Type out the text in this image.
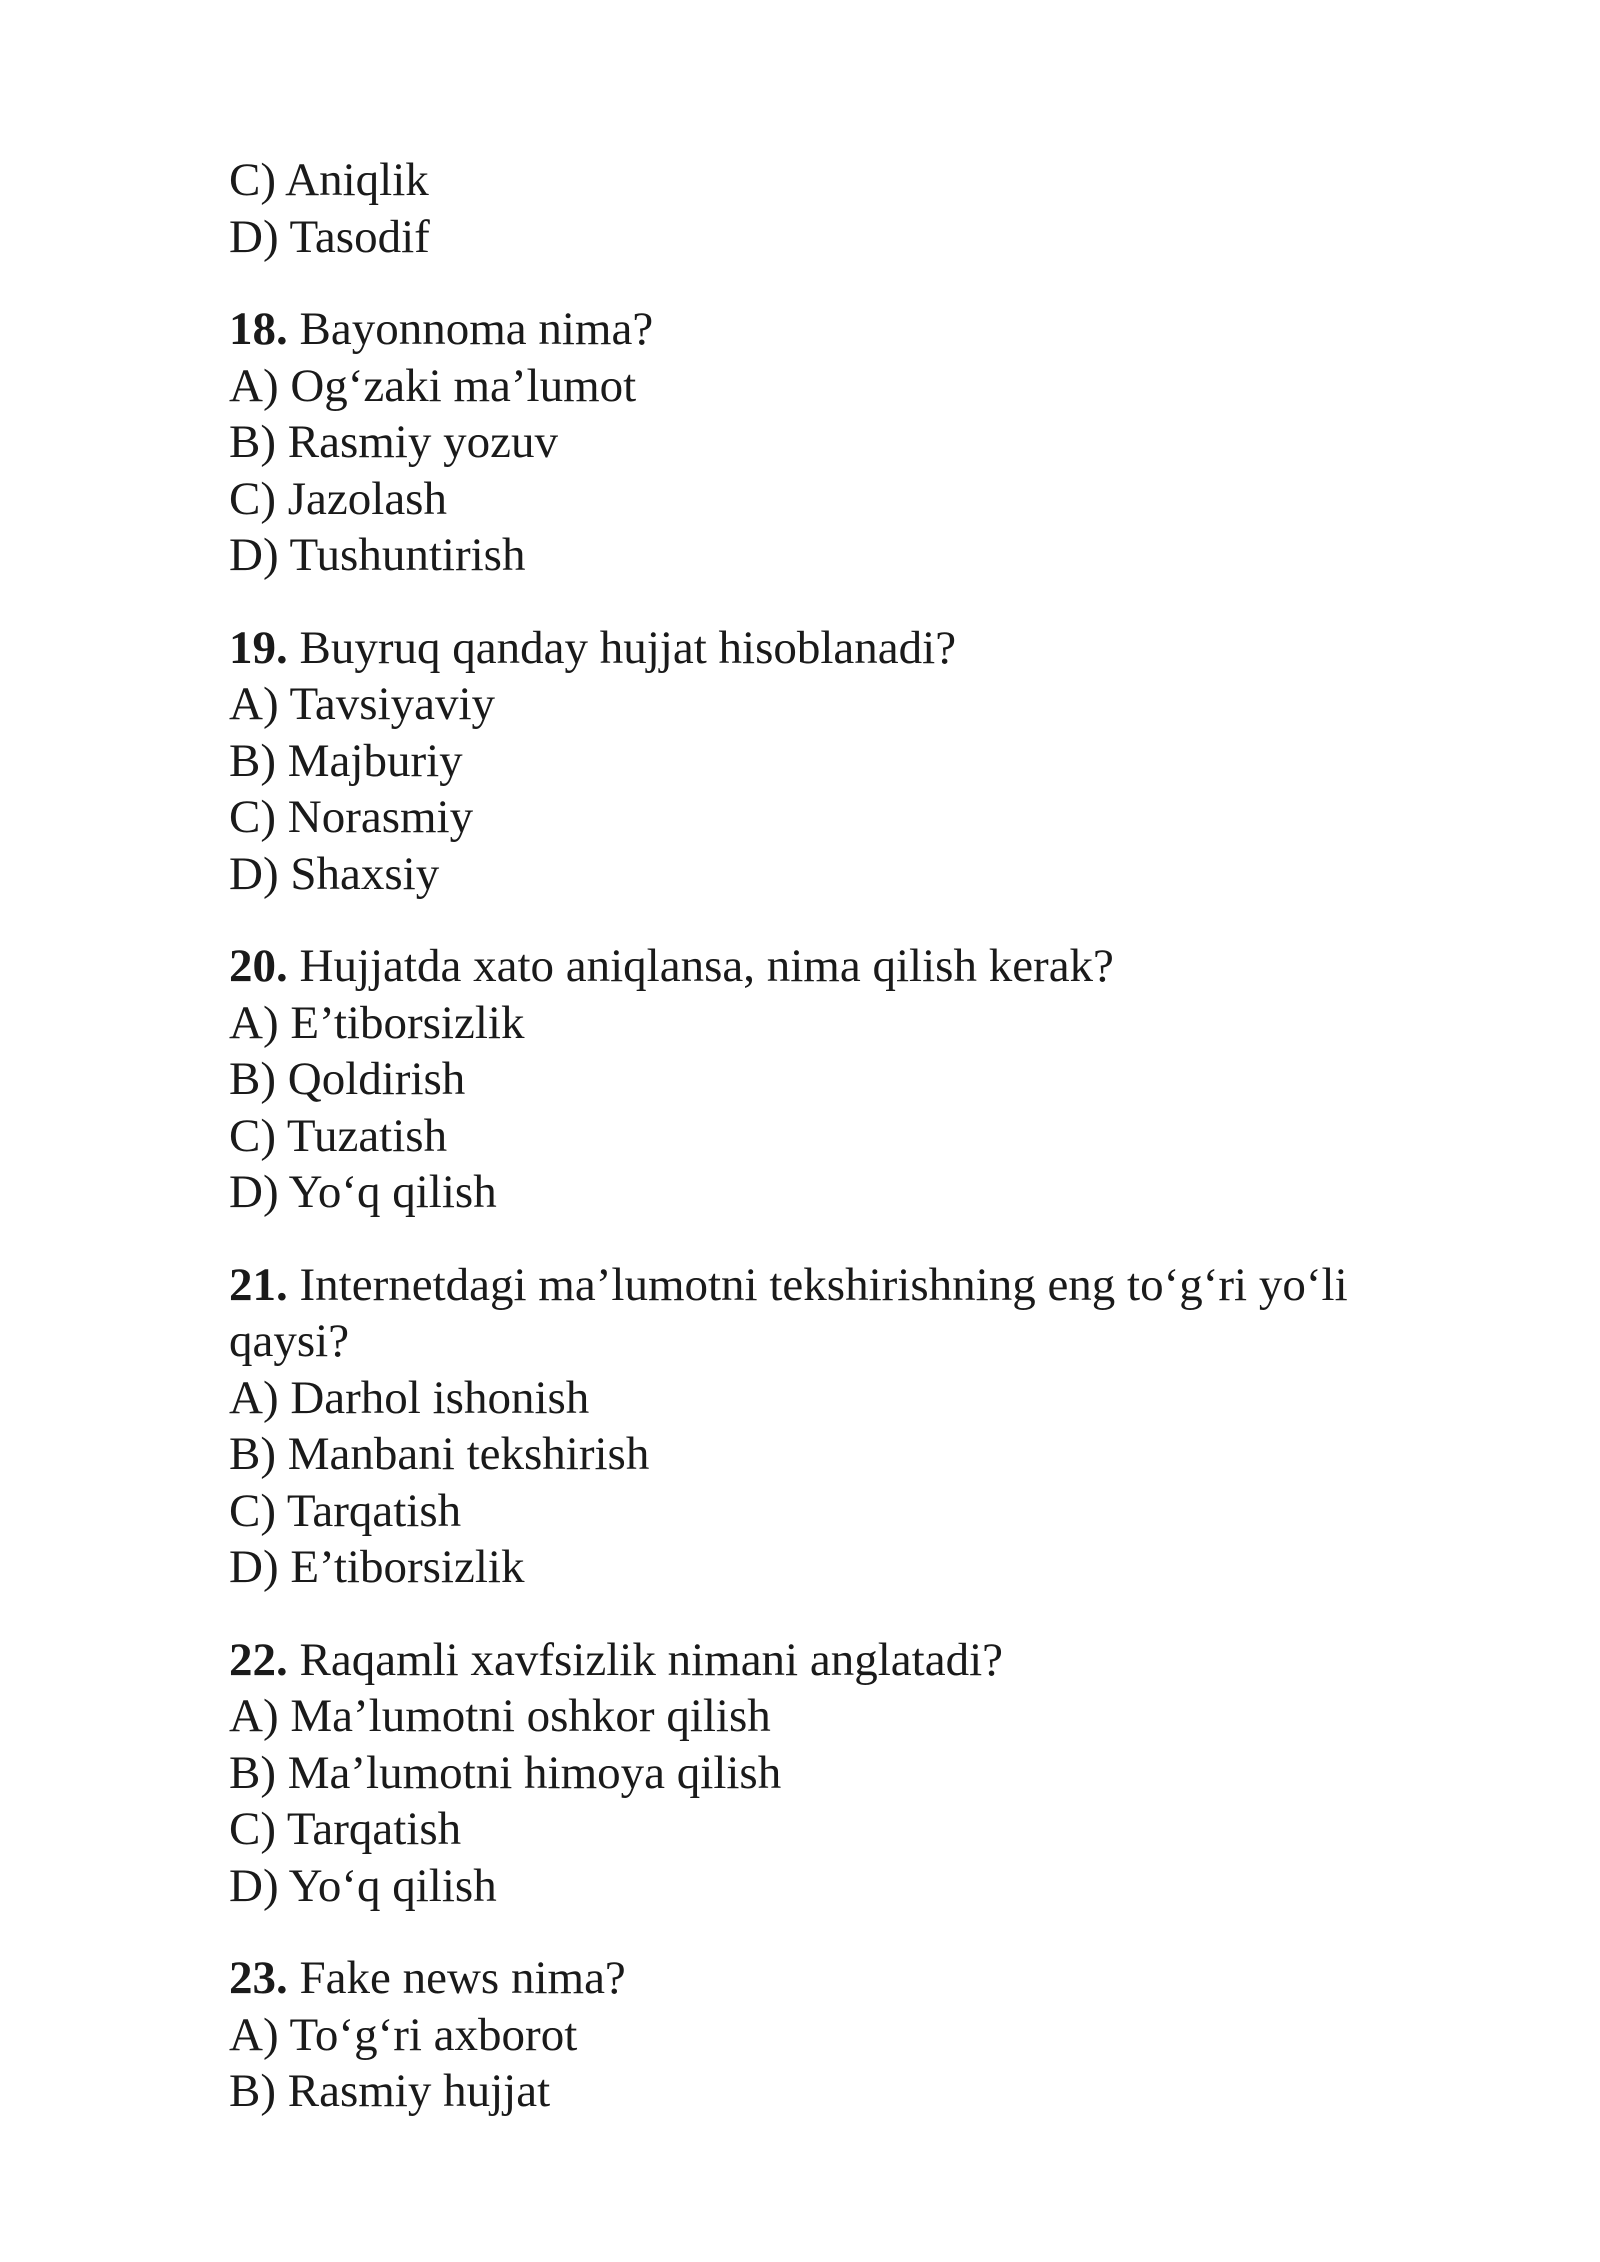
C) Aniqlik
D) Tasodif
18. Bayonnoma nima?
A) Og‘zaki ma’lumot
B) Rasmiy yozuv
C) Jazolash
D) Tushuntirish
19. Buyruq qanday hujjat hisoblanadi?
A) Tavsiyaviy
B) Majburiy
C) Norasmiy
D) Shaxsiy
20. Hujjatda xato aniqlansa, nima qilish kerak?
A) E’tiborsizlik
B) Qoldirish
C) Tuzatish
D) Yo‘q qilish
21. Internetdagi ma’lumotni tekshirishning eng to‘g‘ri yo‘li qaysi?
A) Darhol ishonish
B) Manbani tekshirish
C) Tarqatish
D) E’tiborsizlik
22. Raqamli xavfsizlik nimani anglatadi?
A) Ma’lumotni oshkor qilish
B) Ma’lumotni himoya qilish
C) Tarqatish
D) Yo‘q qilish
23. Fake news nima?
A) To‘g‘ri axborot
B) Rasmiy hujjat
